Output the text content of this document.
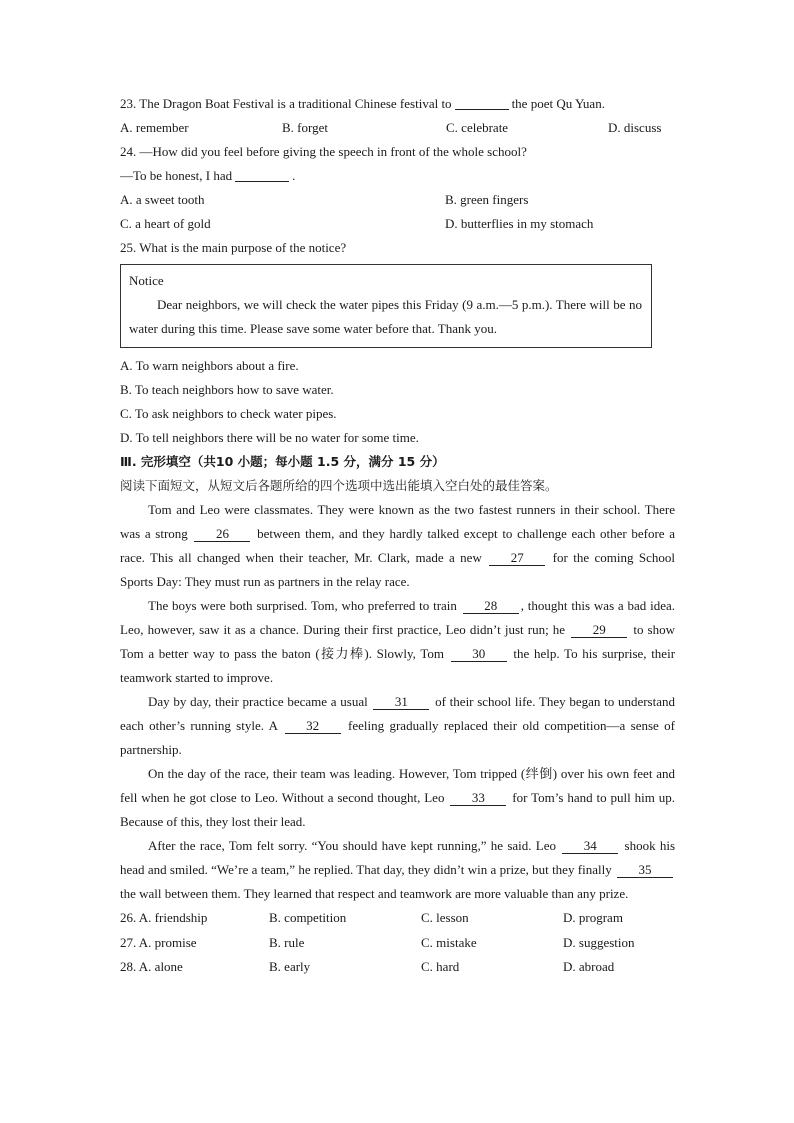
23. The Dragon Boat Festival is a traditional Chinese festival to	the poet Qu Yuan.
A. remember	B. forget	C. celebrate	D. discuss
24. —How did you feel before giving the speech in front of the whole school?
—To be honest, I had	.
A. a sweet tooth	B. green fingers
C. a heart of gold	D. butterflies in my stomach
25. What is the main purpose of the notice?
Notice
Dear neighbors, we will check the water pipes this Friday (9 a.m.—5 p.m.). There will be no water during this time. Please save some water before that. Thank you.
A. To warn neighbors about a fire.
B. To teach neighbors how to save water.
C. To ask neighbors to check water pipes.
D. To tell neighbors there will be no water for some time.
Ⅲ. 完形填空（共10 小题；每小题 1.5 分，满分 15 分）
阅读下面短文，从短文后各题所给的四个选项中选出能填入空白处的最佳答案。

Tom and Leo were classmates. They were known as the two fastest runners in their school. There was a strong 26 between them, and they hardly talked except to challenge each other before a race. This all changed when their teacher, Mr. Clark, made a new 27 for the coming School Sports Day: They must run as partners in the relay race.

The boys were both surprised. Tom, who preferred to train 28 , thought this was a bad idea. Leo, however, saw it as a chance. During their first practice, Leo didn’t just run; he 29 to show Tom a better way to pass the baton (接力棒). Slowly, Tom 30 the help. To his surprise, their teamwork started to improve.

Day by day, their practice became a usual 31 of their school life. They began to understand each other’s running style. A 32 feeling gradually replaced their old competition—a sense of partnership.

On the day of the race, their team was leading. However, Tom tripped (绊倒) over his own feet and fell when he got close to Leo. Without a second thought, Leo 33 for Tom’s hand to pull him up. Because of this, they lost their lead.

After the race, Tom felt sorry. “You should have kept running,” he said. Leo 34 shook his head and smiled. “We’re a team,” he replied. That day, they didn’t win a prize, but they finally 35 the wall between them. They learned that respect and teamwork are more valuable than any prize.

26. A. friendship	B. competition	C. lesson	D. program
27. A. promise	B. rule	C. mistake	D. suggestion
28. A. alone	B. early	C. hard	D. abroad
